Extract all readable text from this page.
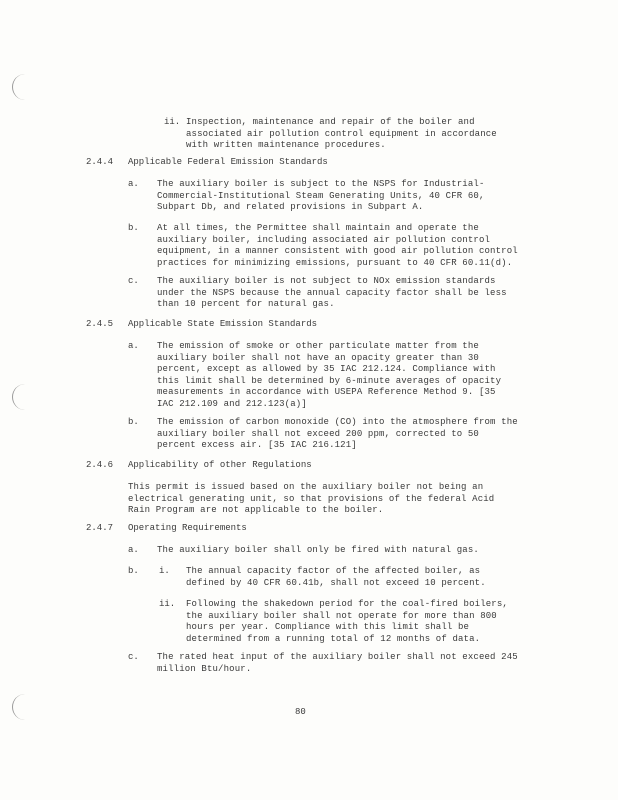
ii. Inspection, maintenance and repair of the boiler and
associated air pollution control equipment in accordance
with written maintenance procedures.
2.4.4 Applicable Federal Emission Standards
a. The auxiliary boiler is subject to the NSPS for Industrial-
Commercial-Institutional Steam Generating Units, 40 CFR 60,
Subpart Db, and related provisions in Subpart A.
b. At all times, the Permittee shall maintain and operate the
auxiliary boiler, including associated air pollution control
equipment, in a manner consistent with good air pollution control
practices for minimizing emissions, pursuant to 40 CFR 60.11(d).
c. The auxiliary boiler is not subject to NOx emission standards
under the NSPS because the annual capacity factor shall be less
than 10 percent for natural gas.
2.4.5 Applicable State Emission Standards
a. The emission of smoke or other particulate matter from the
auxiliary boiler shall not have an opacity greater than 30
percent, except as allowed by 35 IAC 212.124. Compliance with
this limit shall be determined by 6-minute averages of opacity
measurements in accordance with USEPA Reference Method 9. [35
IAC 212.109 and 212.123(a)]
b. The emission of carbon monoxide (CO) into the atmosphere from the
auxiliary boiler shall not exceed 200 ppm, corrected to 50
percent excess air. [35 IAC 216.121]
2.4.6 Applicability of other Regulations
This permit is issued based on the auxiliary boiler not being an
electrical generating unit, so that provisions of the federal Acid
Rain Program are not applicable to the boiler.
2.4.7 Operating Requirements
a. The auxiliary boiler shall only be fired with natural gas.
b. i. The annual capacity factor of the affected boiler, as
defined by 40 CFR 60.41b, shall not exceed 10 percent.
ii. Following the shakedown period for the coal-fired boilers,
the auxiliary boiler shall not operate for more than 800
hours per year. Compliance with this limit shall be
determined from a running total of 12 months of data.
c. The rated heat input of the auxiliary boiler shall not exceed 245
million Btu/hour.
80
